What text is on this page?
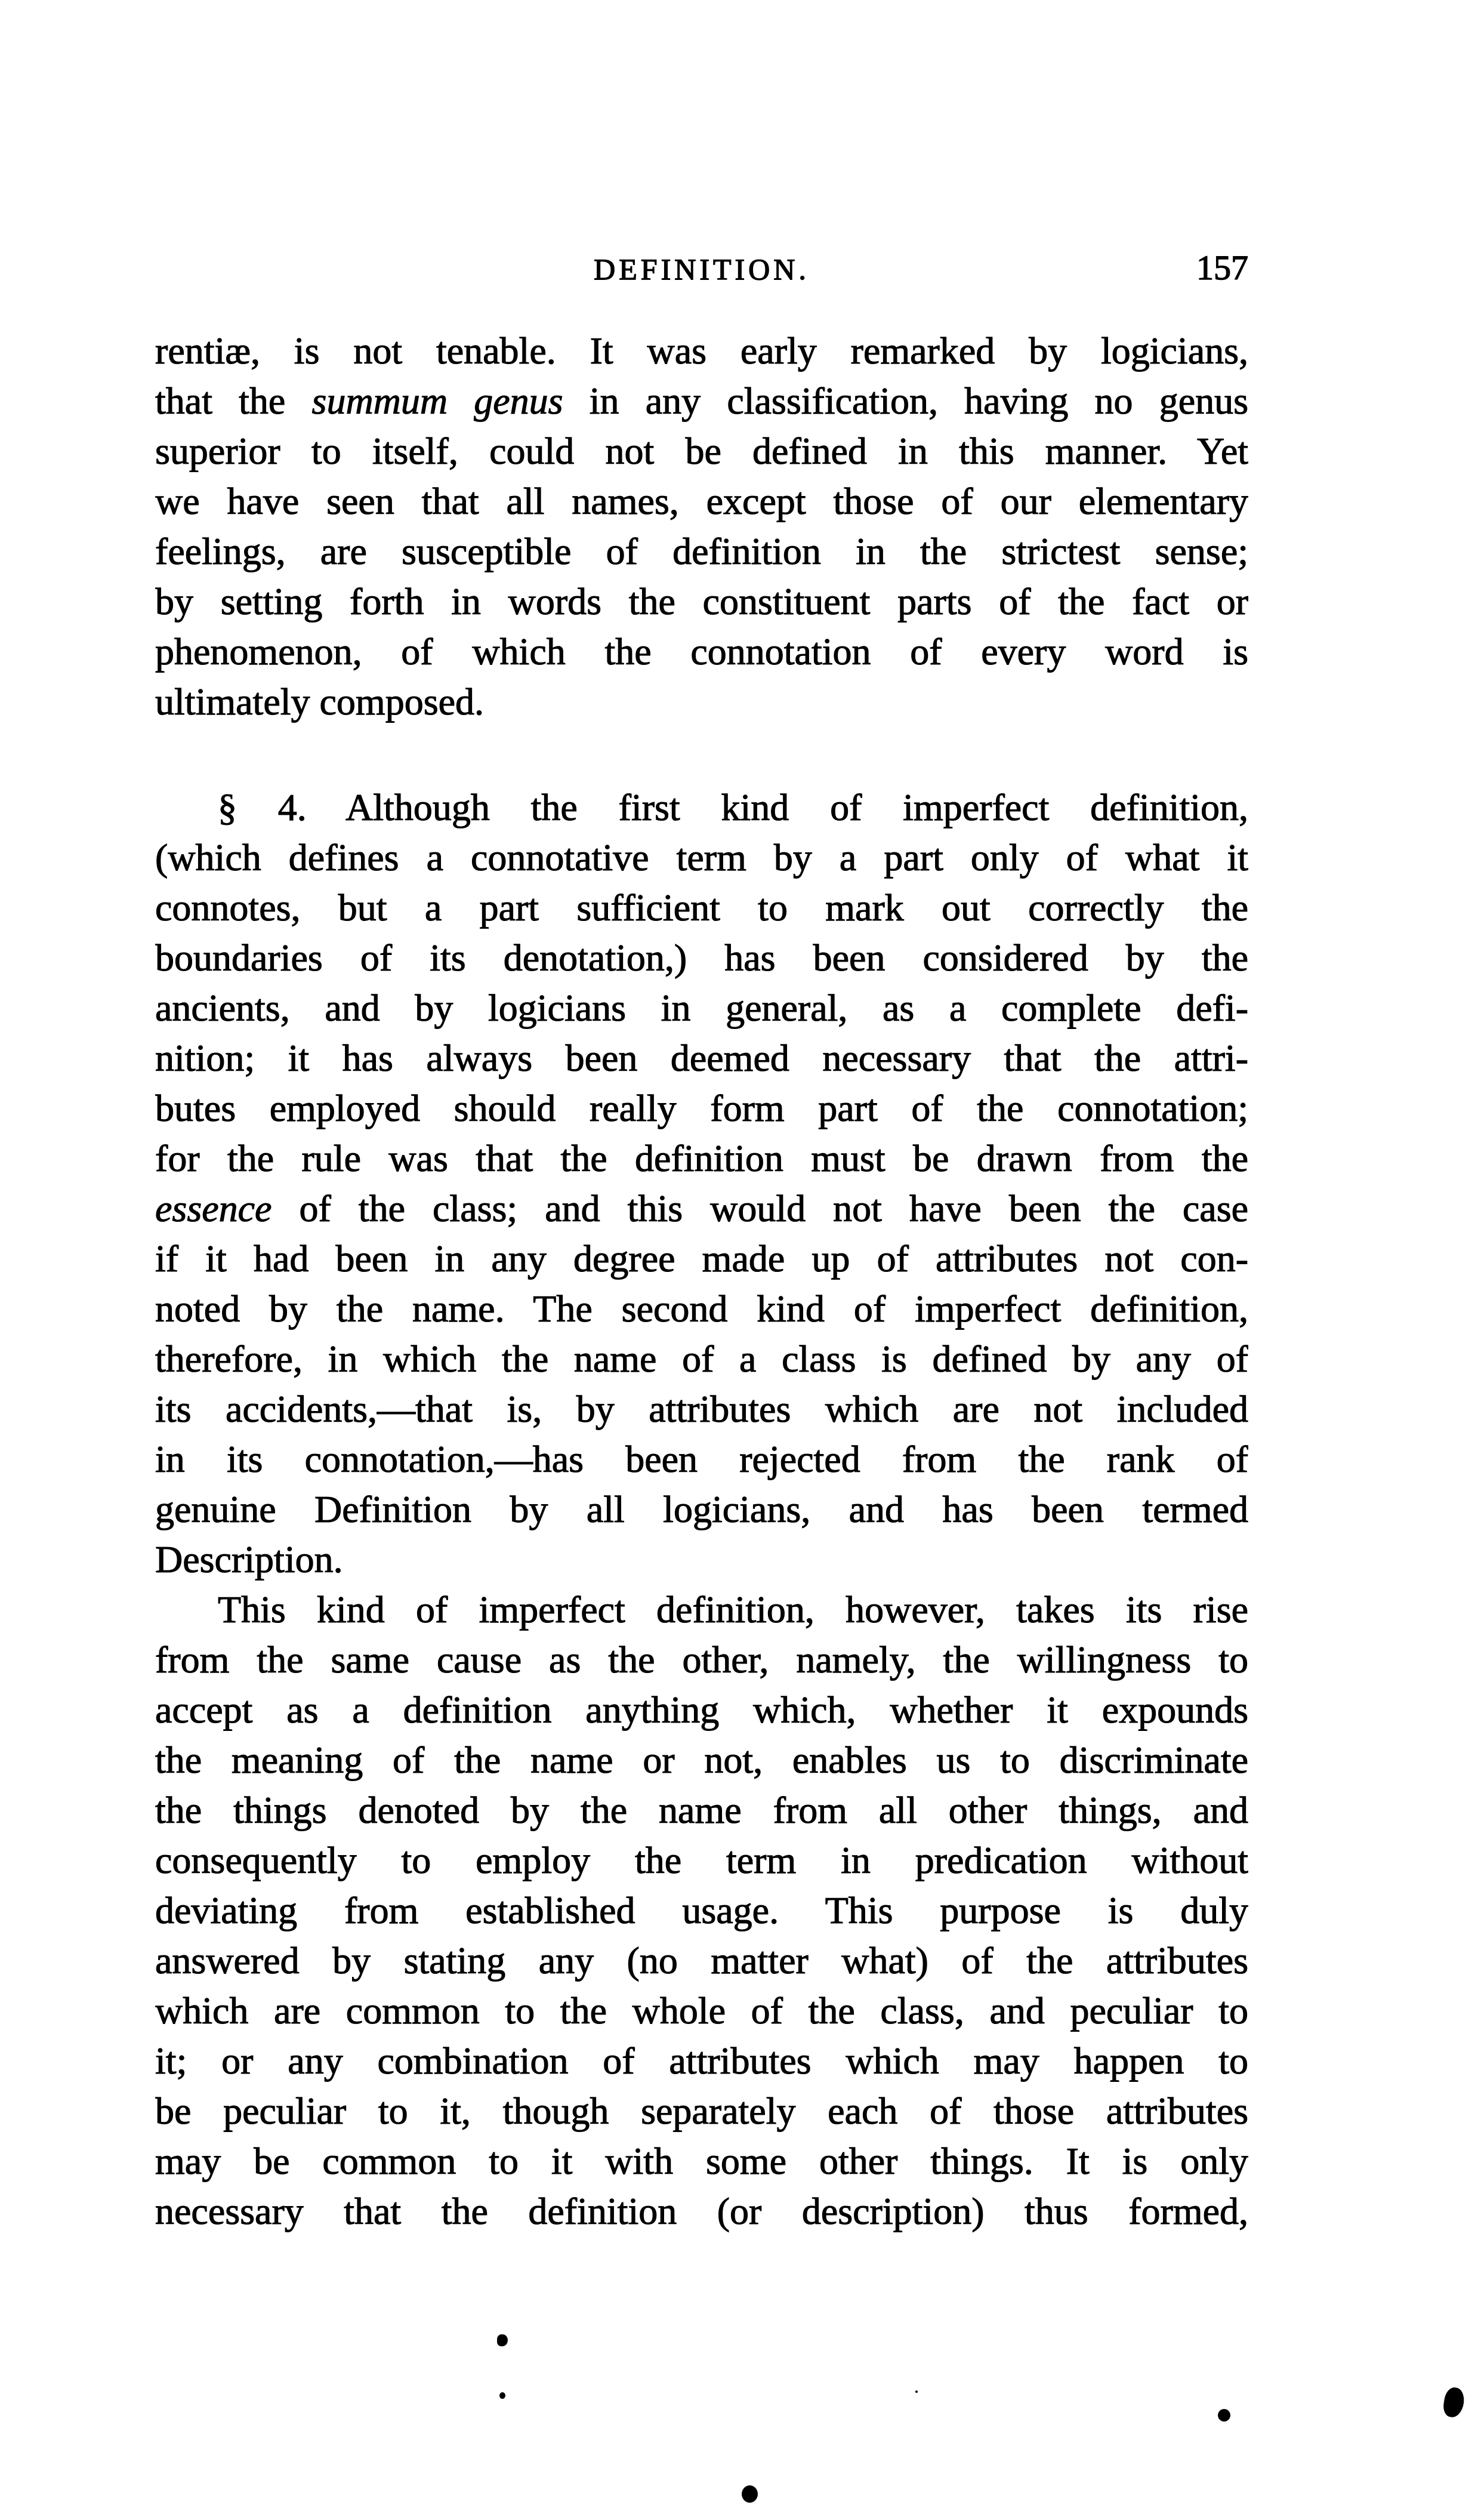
DEFINITION.	157
rentiæ, is not tenable. It was early remarked by logicians,
that the summum genus in any classification, having no genus
superior to itself, could not be defined in this manner. Yet
we have seen that all names, except those of our elementary
feelings, are susceptible of definition in the strictest sense;
by setting forth in words the constituent parts of the fact or
phenomenon, of which the connotation of every word is
ultimately composed.
§ 4. Although the first kind of imperfect definition,
(which defines a connotative term by a part only of what it
connotes, but a part sufficient to mark out correctly the
boundaries of its denotation,) has been considered by the
ancients, and by logicians in general, as a complete defi-
nition; it has always been deemed necessary that the attri-
butes employed should really form part of the connotation;
for the rule was that the definition must be drawn from the
essence of the class; and this would not have been the case
if it had been in any degree made up of attributes not con-
noted by the name. The second kind of imperfect definition,
therefore, in which the name of a class is defined by any of
its accidents,—that is, by attributes which are not included
in its connotation,—has been rejected from the rank of
genuine Definition by all logicians, and has been termed
Description.
This kind of imperfect definition, however, takes its rise
from the same cause as the other, namely, the willingness to
accept as a definition anything which, whether it expounds
the meaning of the name or not, enables us to discriminate
the things denoted by the name from all other things, and
consequently to employ the term in predication without
deviating from established usage. This purpose is duly
answered by stating any (no matter what) of the attributes
which are common to the whole of the class, and peculiar to
it; or any combination of attributes which may happen to
be peculiar to it, though separately each of those attributes
may be common to it with some other things. It is only
necessary that the definition (or description) thus formed,
